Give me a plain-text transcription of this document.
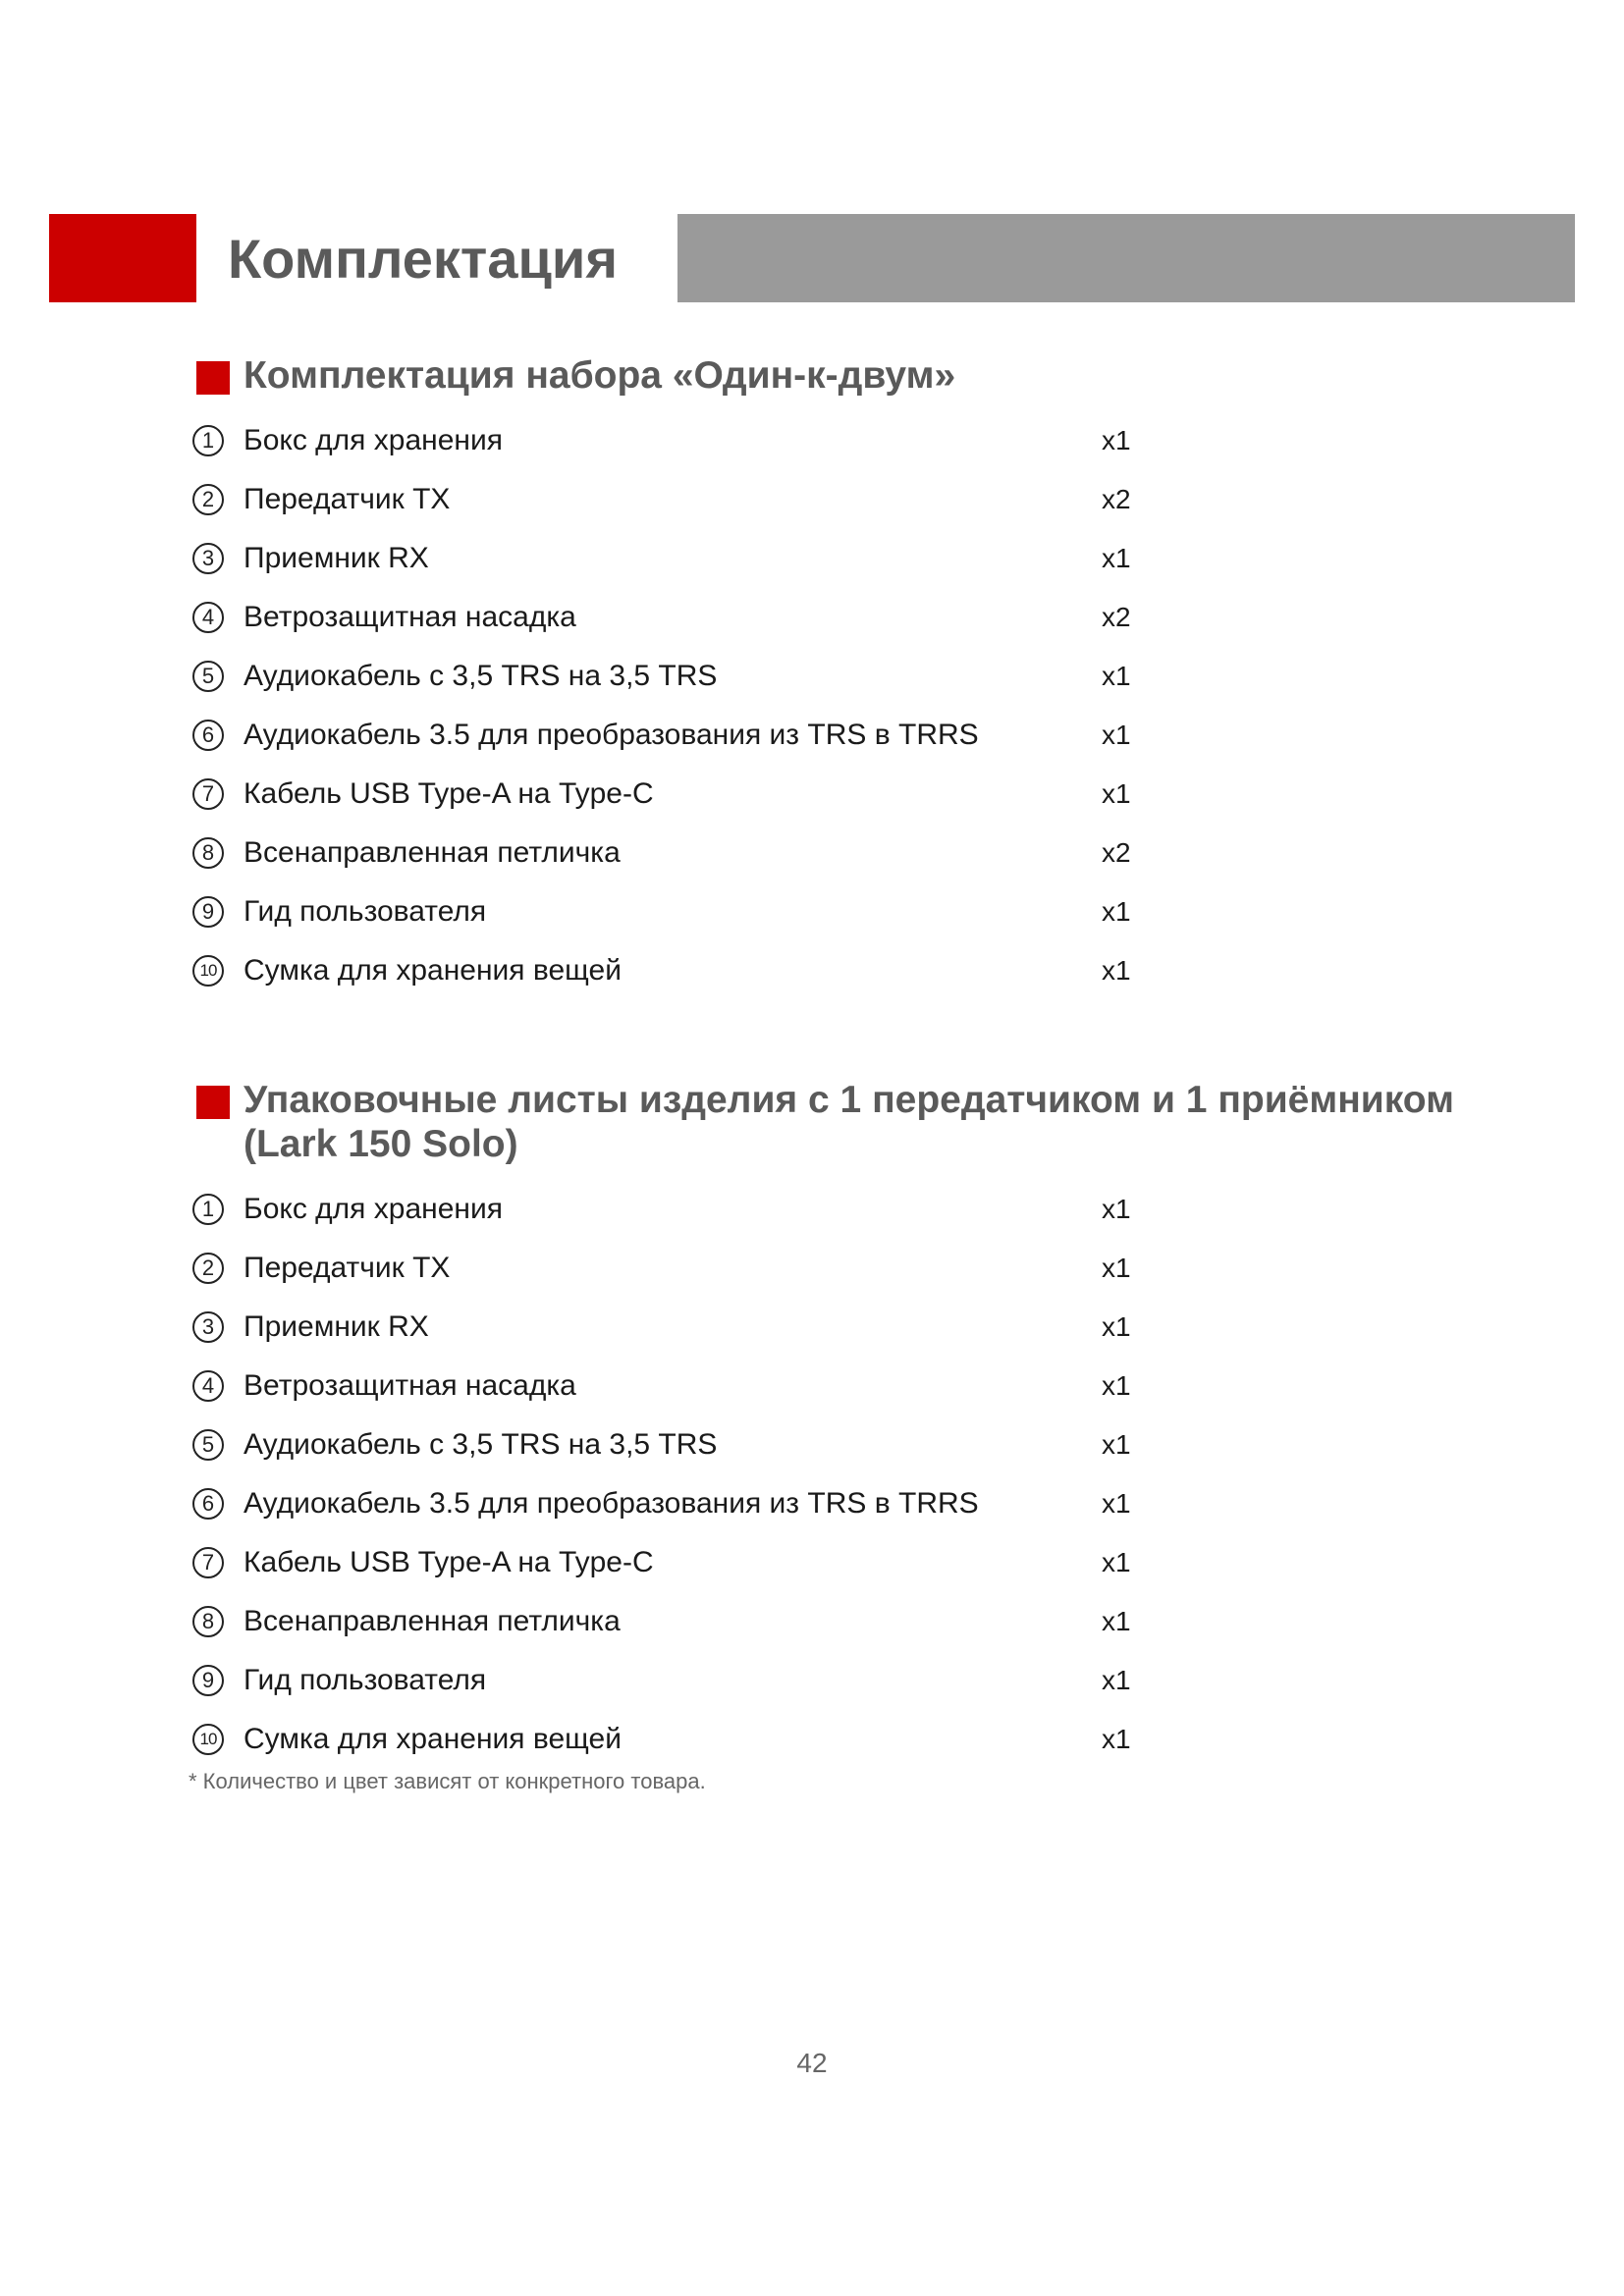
Комплектация
Комплектация набора «Один-к-двум»
1 Бокс для хранения	x1
2 Передатчик TX	x2
3 Приемник RX	x1
4 Ветрозащитная насадка	x2
5 Аудиокабель с 3,5 TRS на 3,5 TRS	x1
6 Аудиокабель 3.5 для преобразования из TRS в TRRS	x1
7 Кабель USB Type-A на Type-C	x1
8 Всенаправленная петличка	x2
9 Гид пользователя	x1
10 Сумка для хранения вещей	x1
Упаковочные листы изделия с 1 передатчиком и 1 приёмником
(Lark 150 Solo)
1 Бокс для хранения	x1
2 Передатчик TX	x1
3 Приемник RX	x1
4 Ветрозащитная насадка	x1
5 Аудиокабель с 3,5 TRS на 3,5 TRS	x1
6 Аудиокабель 3.5 для преобразования из TRS в TRRS	x1
7 Кабель USB Type-A на Type-C	x1
8 Всенаправленная петличка	x1
9 Гид пользователя	x1
10 Сумка для хранения вещей	x1
* Количество и цвет зависят от конкретного товара.
42
